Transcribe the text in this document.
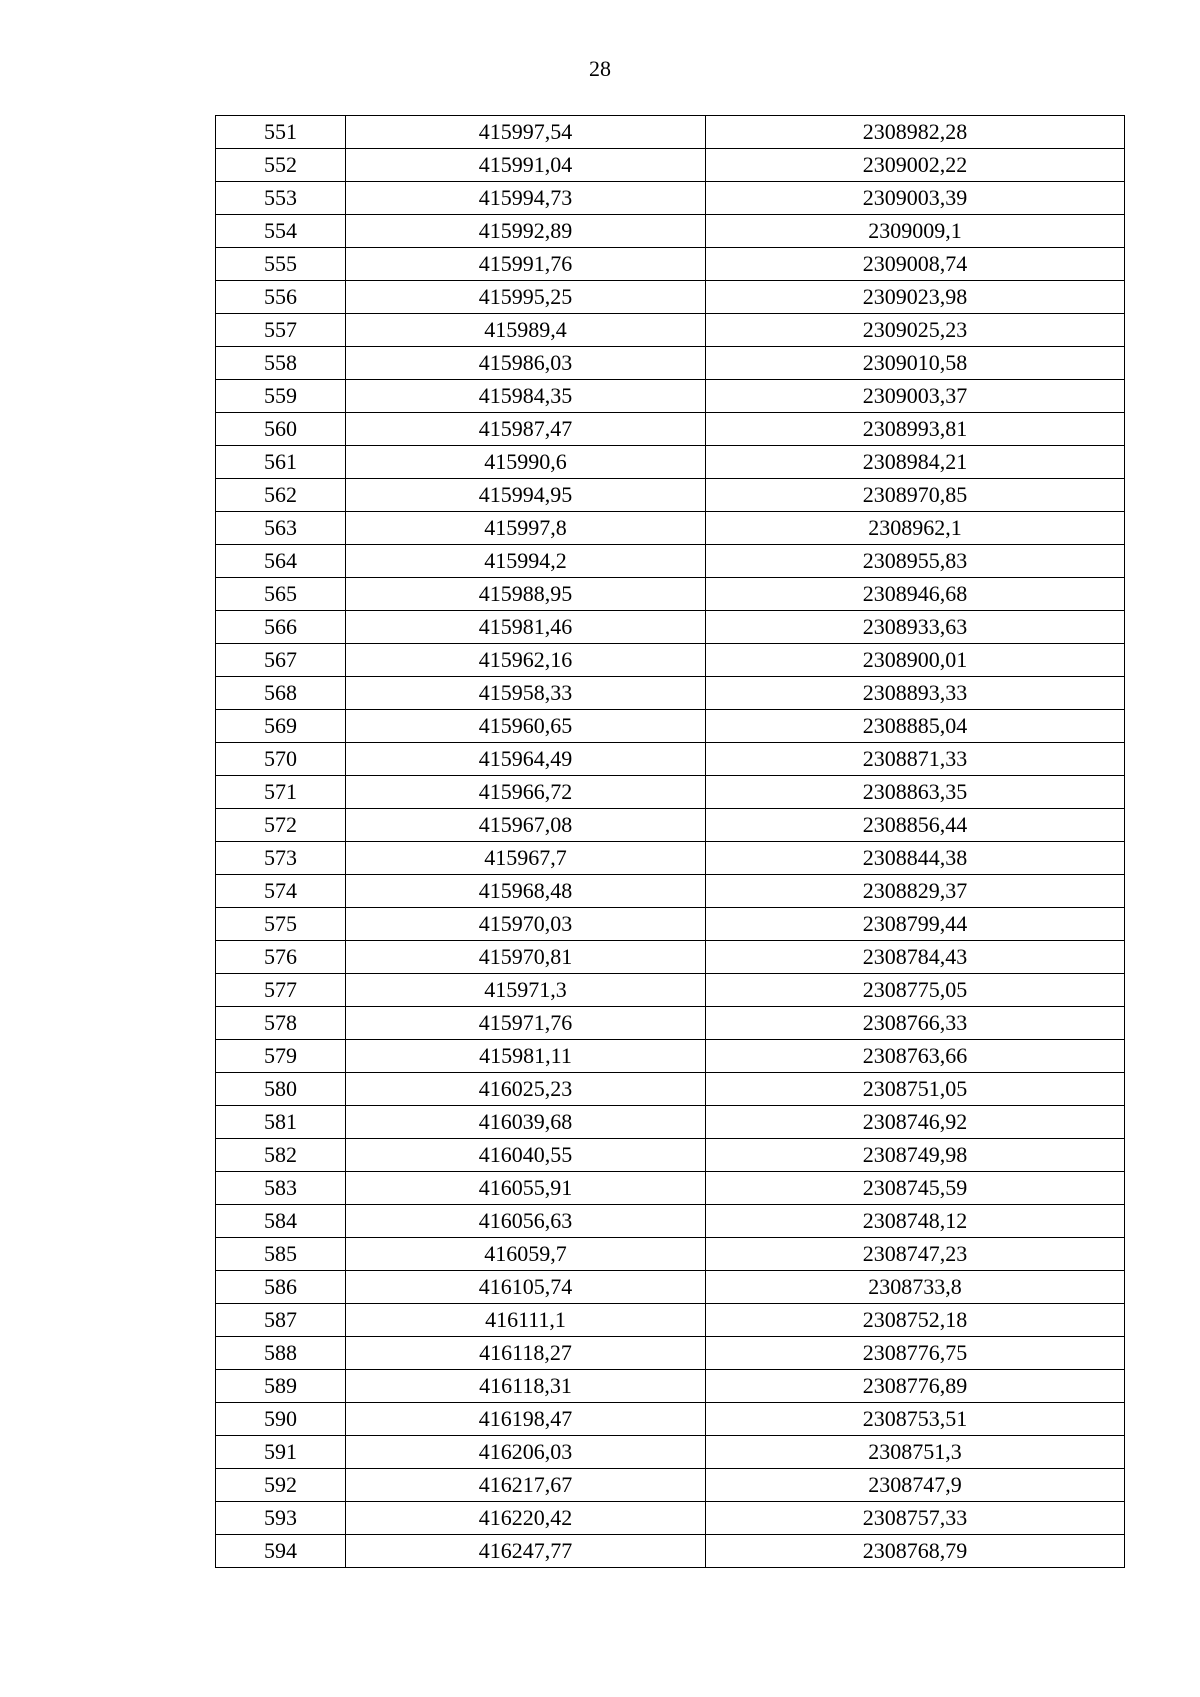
28
551	415997,54	2308982,28
552	415991,04	2309002,22
553	415994,73	2309003,39
554	415992,89	2309009,1
555	415991,76	2309008,74
556	415995,25	2309023,98
557	415989,4	2309025,23
558	415986,03	2309010,58
559	415984,35	2309003,37
560	415987,47	2308993,81
561	415990,6	2308984,21
562	415994,95	2308970,85
563	415997,8	2308962,1
564	415994,2	2308955,83
565	415988,95	2308946,68
566	415981,46	2308933,63
567	415962,16	2308900,01
568	415958,33	2308893,33
569	415960,65	2308885,04
570	415964,49	2308871,33
571	415966,72	2308863,35
572	415967,08	2308856,44
573	415967,7	2308844,38
574	415968,48	2308829,37
575	415970,03	2308799,44
576	415970,81	2308784,43
577	415971,3	2308775,05
578	415971,76	2308766,33
579	415981,11	2308763,66
580	416025,23	2308751,05
581	416039,68	2308746,92
582	416040,55	2308749,98
583	416055,91	2308745,59
584	416056,63	2308748,12
585	416059,7	2308747,23
586	416105,74	2308733,8
587	416111,1	2308752,18
588	416118,27	2308776,75
589	416118,31	2308776,89
590	416198,47	2308753,51
591	416206,03	2308751,3
592	416217,67	2308747,9
593	416220,42	2308757,33
594	416247,77	2308768,79
